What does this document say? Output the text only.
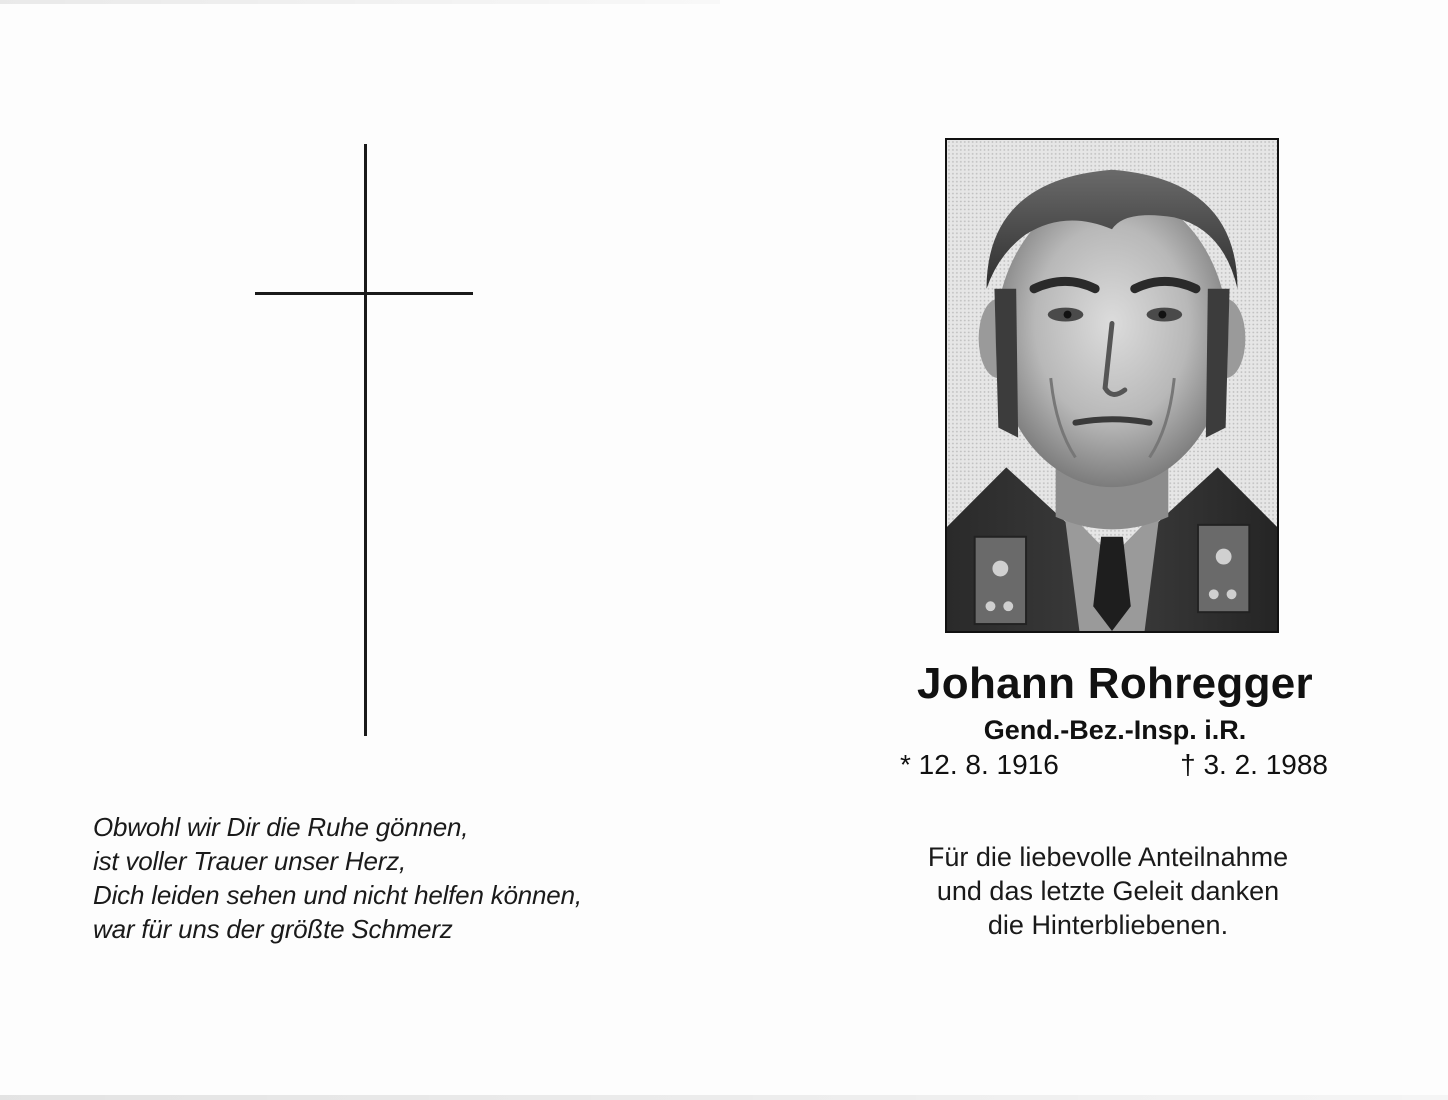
Obwohl wir Dir die Ruhe gönnen,
ist voller Trauer unser Herz,
Dich leiden sehen und nicht helfen können,
war für uns der größte Schmerz
Johann Rohregger
Gend.-Bez.-Insp. i.R.
* 12. 8. 1916	† 3. 2. 1988
Für die liebevolle Anteilnahme
und das letzte Geleit danken
die Hinterbliebenen.
